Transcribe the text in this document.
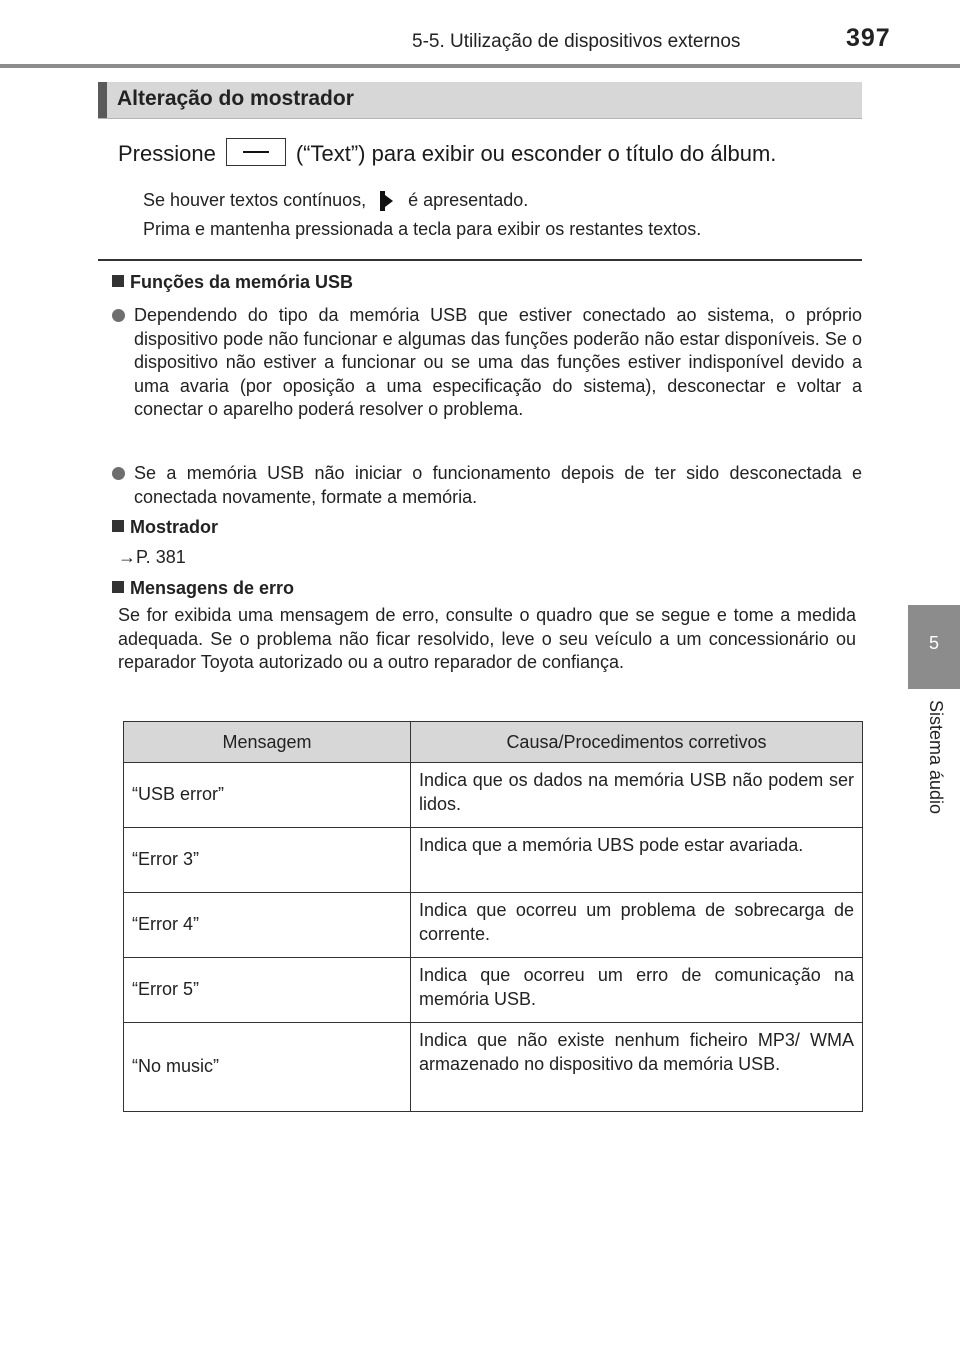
5-5. Utilização de dispositivos externos	397
5
Sistema áudio
Alteração do mostrador
Pressione	(“Text”) para exibir ou esconder o título do álbum.
Se houver textos contínuos, é apresentado.
Prima e mantenha pressionada a tecla para exibir os restantes textos.
Funções da memória USB

Dependendo do tipo da memória USB que estiver conectado ao sistema, o próprio dispositivo pode não funcionar e algumas das funções poderão não estar disponíveis. Se o dispositivo não estiver a funcionar ou se uma das funções estiver indisponível devido a uma avaria (por oposição a uma especificação do sistema), desconectar e voltar a conectar o aparelho poderá resolver o problema.

Se a memória USB não iniciar o funcionamento depois de ter sido desconectada e conectada novamente, formate a memória.

Mostrador
→P. 381
Mensagens de erro
Se for exibida uma mensagem de erro, consulte o quadro que se segue e tome a medida adequada. Se o problema não ficar resolvido, leve o seu veículo a um concessionário ou reparador Toyota autorizado ou a outro reparador de confiança.
Mensagem	Causa/Procedimentos corretivos
“USB error”	Indica que os dados na memória USB não podem ser lidos.
“Error 3”	Indica que a memória UBS pode estar avariada.
“Error 4”	Indica que ocorreu um problema de sobrecarga de corrente.
“Error 5”	Indica que ocorreu um erro de comunicação na memória USB.
“No music”	Indica que não existe nenhum ficheiro MP3/ WMA armazenado no dispositivo da memória USB.
